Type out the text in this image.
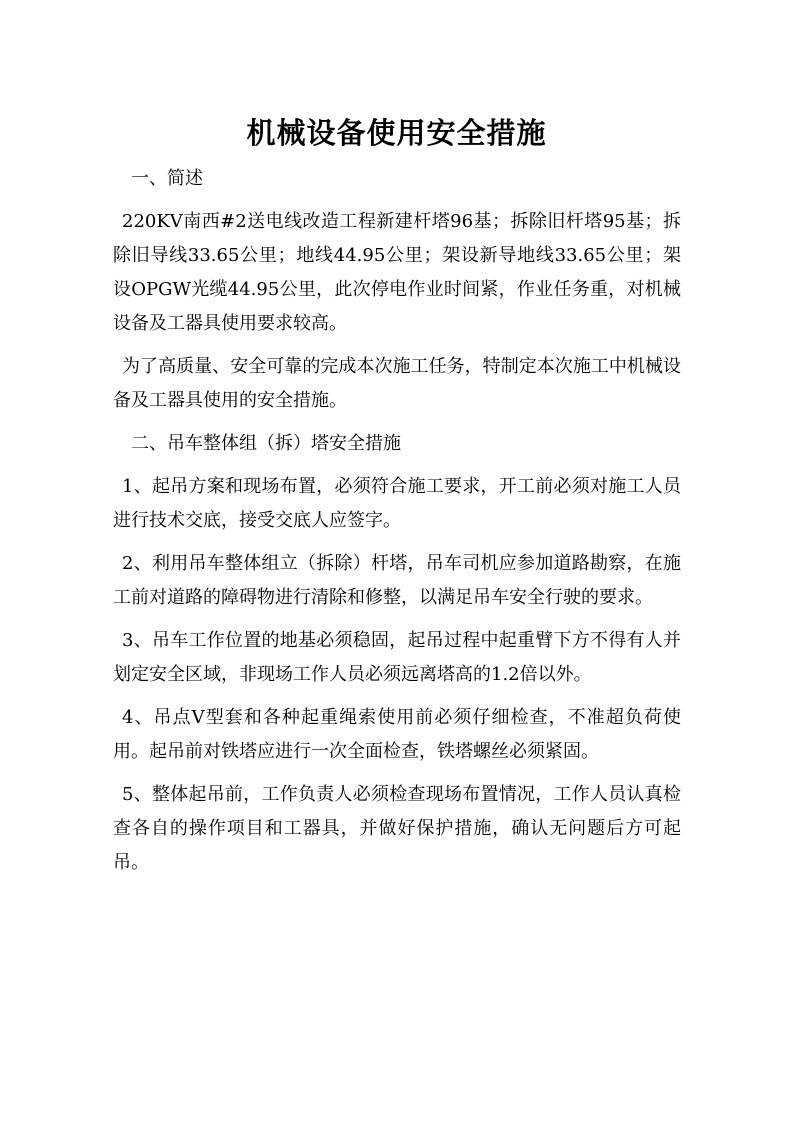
机械设备使用安全措施
一、简述

220KV南西#2送电线改造工程新建杆塔96基；拆除旧杆塔95基；拆除旧导线33.65公里；地线44.95公里；架设新导地线33.65公里；架设OPGW光缆44.95公里，此次停电作业时间紧，作业任务重，对机械设备及工器具使用要求较高。

为了高质量、安全可靠的完成本次施工任务，特制定本次施工中机械设备及工器具使用的安全措施。

二、吊车整体组（拆）塔安全措施

1、起吊方案和现场布置，必须符合施工要求，开工前必须对施工人员进行技术交底，接受交底人应签字。

2、利用吊车整体组立（拆除）杆塔，吊车司机应参加道路勘察，在施工前对道路的障碍物进行清除和修整，以满足吊车安全行驶的要求。

3、吊车工作位置的地基必须稳固，起吊过程中起重臂下方不得有人并划定安全区域，非现场工作人员必须远离塔高的1.2倍以外。

4、吊点V型套和各种起重绳索使用前必须仔细检查，不准超负荷使用。起吊前对铁塔应进行一次全面检查，铁塔螺丝必须紧固。

5、整体起吊前，工作负责人必须检查现场布置情况，工作人员认真检查各自的操作项目和工器具，并做好保护措施，确认无问题后方可起吊。
